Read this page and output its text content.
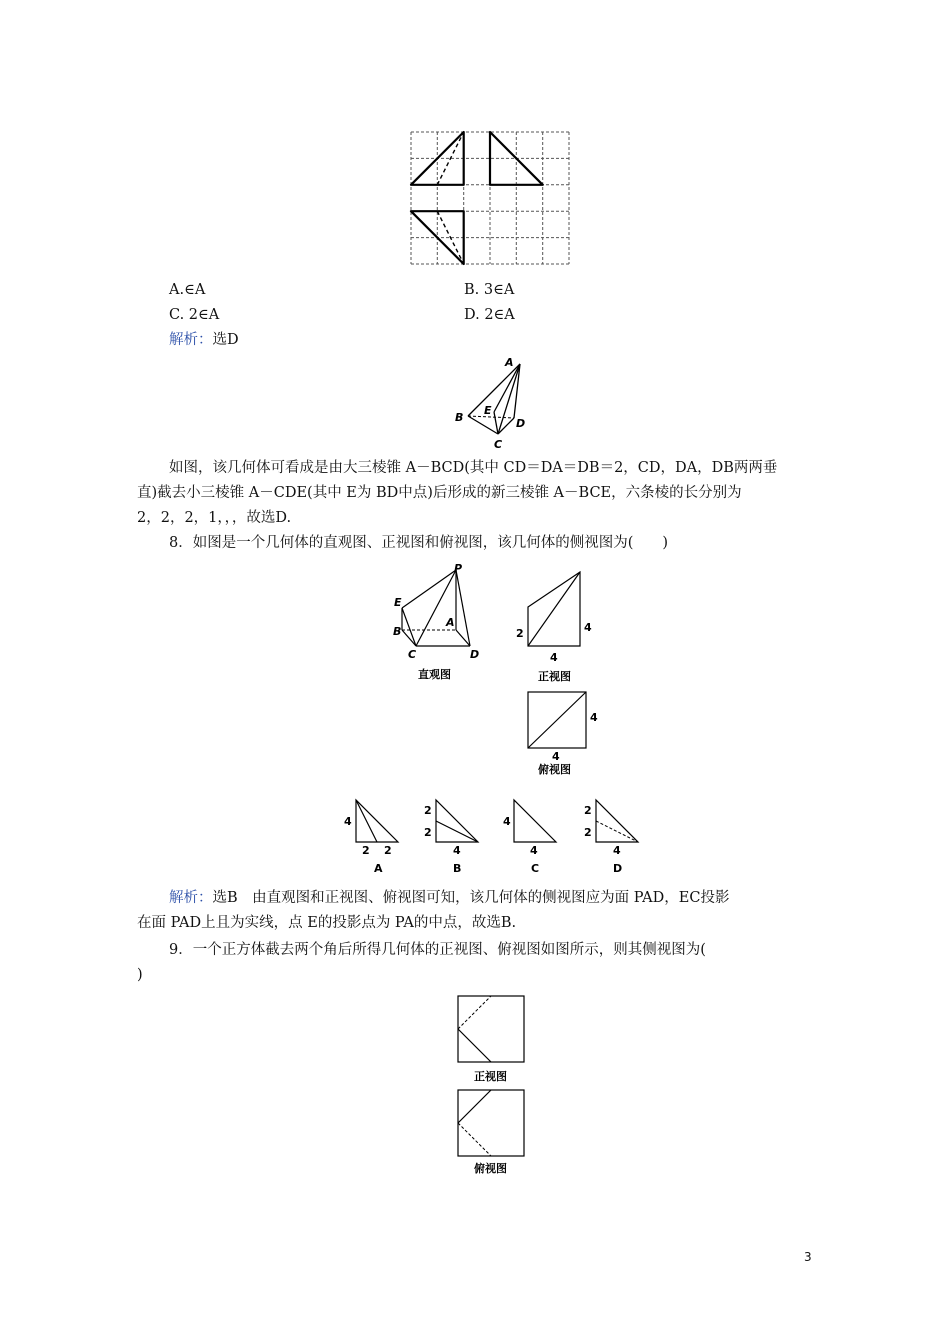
A.∈A	B. 3∈A
C. 2∈A	D. 2∈A
解析：选D
A
B
C
D
E
如图，该几何体可看成是由大三棱锥 A－BCD(其中 CD＝DA＝DB＝2，CD，DA，DB两两垂
直)截去小三棱锥 A－CDE(其中 E为 BD中点)后形成的新三棱锥 A－BCE，六条棱的长分别为
2，2，2，1，，，故选D.
8．如图是一个几何体的直观图、正视图和俯视图，该几何体的侧视图为(　　)
P
E
B
A
C	D
直观图
2	4
4
正视图
4
4
俯视图
4
2 2
A
2
2
4
B
4
4
C
2
2
4
D
解析：选B　由直观图和正视图、俯视图可知，该几何体的侧视图应为面 PAD，EC投影
在面 PAD上且为实线，点 E的投影点为 PA的中点，故选B.
9．一个正方体截去两个角后所得几何体的正视图、俯视图如图所示，则其侧视图为(
)
正视图
俯视图
3
